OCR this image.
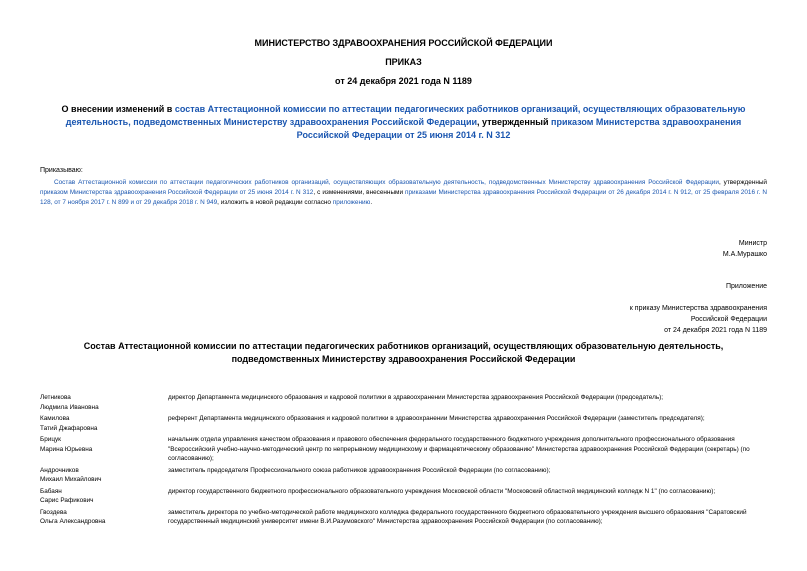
МИНИСТЕРСТВО ЗДРАВООХРАНЕНИЯ РОССИЙСКОЙ ФЕДЕРАЦИИ
ПРИКАЗ
от 24 декабря 2021 года N 1189
О внесении изменений в состав Аттестационной комиссии по аттестации педагогических работников организаций, осуществляющих образовательную деятельность, подведомственных Министерству здравоохранения Российской Федерации, утвержденный приказом Министерства здравоохранения Российской Федерации от 25 июня 2014 г. N 312
Приказываю:
Состав Аттестационной комиссии по аттестации педагогических работников организаций, осуществляющих образовательную деятельность, подведомственных Министерству здравоохранения Российской Федерации, утвержденный приказом Министерства здравоохранения Российской Федерации от 25 июня 2014 г. N 312, с изменениями, внесенными приказами Министерства здравоохранения Российской Федерации от 26 декабря 2014 г. N 912, от 25 февраля 2016 г. N 128, от 7 ноября 2017 г. N 899 и от 29 декабря 2018 г. N 949, изложить в новой редакции согласно приложению.
Министр
М.А.Мурашко
Приложение
к приказу Министерства здравоохранения
Российской Федерации
от 24 декабря 2021 года N 1189
Состав Аттестационной комиссии по аттестации педагогических работников организаций, осуществляющих образовательную деятельность, подведомственных Министерству здравоохранения Российской Федерации
Летникова
Людмила Ивановна
директор Департамента медицинского образования и кадровой политики в здравоохранении Министерства здравоохранения Российской Федерации (председатель);
Камилова
Татий Джафаровна
референт Департамента медицинского образования и кадровой политики в здравоохранении Министерства здравоохранения Российской Федерации (заместитель председателя);
Брицук
Марина Юрьевна
начальник отдела управления качеством образования и правового обеспечения федерального государственного бюджетного учреждения дополнительного профессионального образования "Всероссийский учебно-научно-методический центр по непрерывному медицинскому и фармацевтическому образованию" Министерства здравоохранения Российской Федерации (секретарь) (по согласованию);
Андрочников
Михаил Михайлович
заместитель председателя Профессионального союза работников здравоохранения Российской Федерации (по согласованию);
Бабаян
Сарис Рафикович
директор государственного бюджетного профессионального образовательного учреждения Московской области "Московский областной медицинский колледж N 1" (по согласованию);
Гвоздева
Ольга Александровна
заместитель директора по учебно-методической работе медицинского колледжа федерального государственного бюджетного образовательного учреждения высшего образования "Саратовский государственный медицинский университет имени В.И.Разумовского" Министерства здравоохранения Российской Федерации (по согласованию);
